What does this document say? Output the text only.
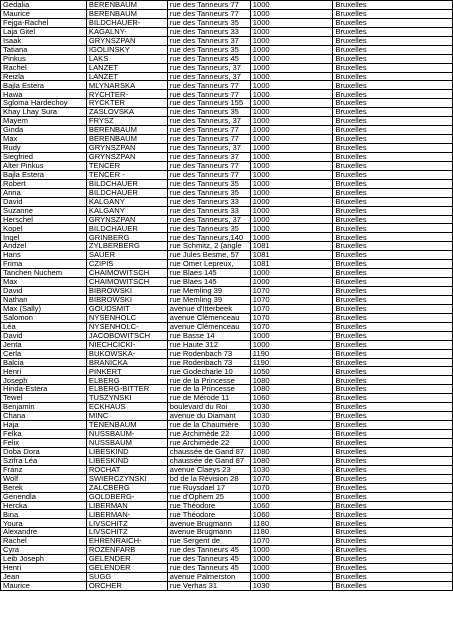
Gedalia	BERENBAUM	rue des Tanneurs 77	1000	Bruxelles
Maurice	BERENBAUM	rue des Tanneurs 77	1000	Bruxelles
Fejga-Rachel	BILDCHAUER-	rue des Tanneurs 35	1000	Bruxelles
Laja Gitel	KAGALNY-	rue des Tanneurs 33	1000	Bruxelles
Isaak	GRYNSZPAN	rue des Tanneurs 37	1000	Bruxelles
Tatiana	IGOLINSKY	rue des Tanneurs 35	1000	Bruxelles
Pinkus	LAKS	rue des Tanneurs 45	1000	Bruxelles
Rachel	LANZET	rue des Tanneurs, 37	1000	Bruxelles
Reizla	LANZET	rue des Tanneurs, 37	1000	Bruxelles
Bajla Estera	MLYNARSKA	rue des Tanneurs 77	1000	Bruxelles
Hawa	RYCHTER-	rue des Tanneurs 77	1000	Bruxelles
Sgloma Hardechoy	RYCKTER	rue des Tanneurs 155	1000	Bruxelles
Khay Lhay Sura	ZASLOVSKA	rue des Tanneurs 35	1000	Bruxelles
Mayem	FRYSZ	rue des Tanneurs, 37	1000	Bruxelles
Ginda	BERENBAUM	rue des Tanneurs 77	1000	Bruxelles
Max	BERENBAUM	rue des Tanneurs 77	1000	Bruxelles
Rudy	GRYNSZPAN	rue des Tanneurs, 37	1000	Bruxelles
Siegfried	GRYNSZPAN	rue des Tanneurs 37	1000	Bruxelles
Alter Pinkus	TENCER	rue des Tanneurs 77	1000	Bruxelles
Bajla Estera	TENCER -	rue des Tanneurs 77	1000	Bruxelles
Robert	BILDCHAUER	rue des Tanneurs 35	1000	Bruxelles
Anna	BILDCHAUER	rue des Tanneurs 35	1000	Bruxelles
David	KALGANY	rue des Tanneurs 33	1000	Bruxelles
Suzanne	KALGANY	rue des Tanneurs 33	1000	Bruxelles
Herschel	GRYNSZPAN	rue des Tanneurs, 37	1000	Bruxelles
Kopel	BILDCHAUER	rue des Tanneurs 35	1000	Bruxelles
Ingel	GRINBERG	rue des Tanneurs,140	1000	Bruxelles
Andzel	ZYLBERBERG	rue Schmitz, 2 (angle	1081	Bruxelles
Hans	SAUER	rue Jules Besme, 57	1081	Bruxelles
Frima	CZIPIS	rue Omer Lepreux,	1081	Bruxelles
Tanchen Nuchem	CHAIMOWITSCH	rue Blaes 145	1000	Bruxelles
Max	CHAIMOWITSCH	rue Blaes 145	1000	Bruxelles
David	BIBROWSKI	rue Memling 39	1070	Bruxelles
Nathan	BIBROWSKI	rue Memling 39	1070	Bruxelles
Max (Sally)	GOUDSMIT	avenue d'Itterbeek	1070	Bruxelles
Salomon	NYSENHOLC	avenue Clémenceau	1070	Bruxelles
Léa	NYSENHOLC-	avenue Clémenceau	1070	Bruxelles
David	JACOBOWITSCH	rue Basse 14	1000	Bruxelles
Jenta	NIECHCICKI-	rue Haute 312	1000	Bruxelles
Cerla	BUKOWSKA-	rue Rodenbach 73	1190	Bruxelles
Balcia	BRANICKA	rue Rodenbach 73	1190	Bruxelles
Henri	PINKERT	rue Godecharle 10	1050	Bruxelles
Joseph	ELBERG	rue de la Princesse	1080	Bruxelles
Hinda-Estera	ELBERG-BITTER	rue de la Princesse	1080	Bruxelles
Tewel	TUSZYNSKI	rue de Mérode 11	1060	Bruxelles
Benjamin	ECKHAUS	boulevard du Roi	1030	Bruxelles
Chana	MINC	avenue du Diamant	1030	Bruxelles
Haja	TENENBAUM	rue de la Chaumière	1030	Bruxelles
Felka	NUSSBAUM-	rue Archimède 22	1000	Bruxelles
Felix	NUSSBAUM	rue Archimède 22	1000	Bruxelles
Doba Dora	LIBESKIND	chaussée de Gand 87	1080	Bruxelles
Szifra Léa	LIBESKIND	chaussée de Gand 87	1080	Bruxelles
Franz	ROCHAT	avenue Claeys 23	1030	Bruxelles
Wolf	SWIERCZYNSKI	bd de la Révision 28	1070	Bruxelles
Berek	ZALCBERG	rue Ruysdael 17	1070	Bruxelles
Genendla	GOLDBERG-	rue d'Ophem 25	1000	Bruxelles
Hercka	LIBERMAN	rue Théodore	1060	Bruxelles
Bina	LIBERMAN-	rue Théodore	1060	Bruxelles
Youra	LIVSCHITZ	avenue Brugmann	1180	Bruxelles
Alexandre	LIVSCHITZ	avenue Brugmann	1180	Bruxelles
Rachel	EHRENRAICH-	rue Sergent de	1070	Bruxelles
Cyra	ROZENFARB	rue des Tanneurs 45	1000	Bruxelles
Leib Joseph	GELENDER	rue des Tanneurs 45	1000	Bruxelles
Henri	GELENDER	rue des Tanneurs 45	1000	Bruxelles
Jean	SUGG	avenue Palmerston	1000	Bruxelles
Maurice	ORCHER	rue Verhas 31	1030	Bruxelles
